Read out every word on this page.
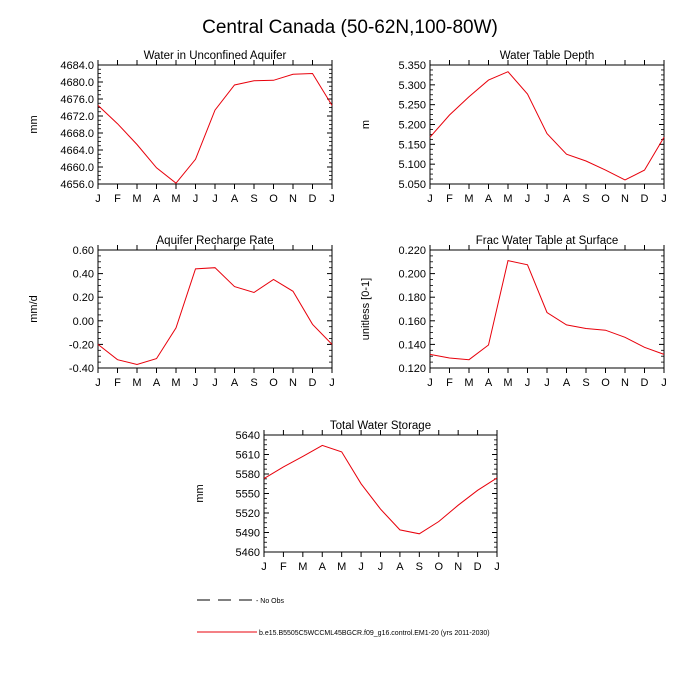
Central Canada (50-62N,100-80W)
Water in Unconfined Aquifer
4656.0
4660.0
4664.0
4668.0
4672.0
4676.0
4680.0
4684.0
J F M A M J J A S O N D J
mm
Water Table Depth
5.050
5.100
5.150
5.200
5.250
5.300
5.350
J F M A M J J A S O N D J
m
Aquifer Recharge Rate
-0.40
-0.20
0.00
0.20
0.40
0.60
J F M A M J J A S O N D J
mm/d
Frac Water Table at Surface
0.120
0.140
0.160
0.180
0.200
0.220
J F M A M J J A S O N D J
unitless [0-1]
Total Water Storage
5460
5490
5520
5550
5580
5610
5640
J F M A M J J A S O N D J
mm
- No Obs
b.e15.B5505C5WCCML45BGCR.f09_g16.control.EM1-20 (yrs 2011-2030)
